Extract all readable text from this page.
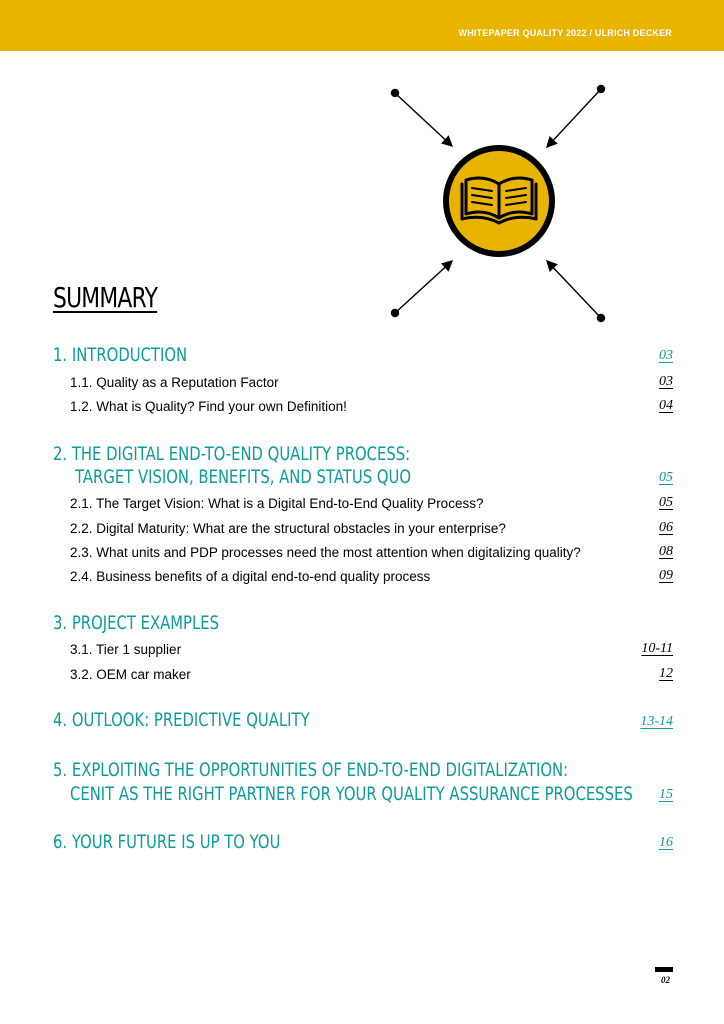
WHITEPAPER QUALITY 2022 / ULRICH DECKER
SUMMARY
1. INTRODUCTION	03
1.1. Quality as a Reputation Factor	03
1.2. What is Quality? Find your own Definition!	04
2. THE DIGITAL END-TO-END QUALITY PROCESS:
TARGET VISION, BENEFITS, AND STATUS QUO	05
2.1. The Target Vision: What is a Digital End-to-End Quality Process?	05
2.2. Digital Maturity: What are the structural obstacles in your enterprise?	06
2.3. What units and PDP processes need the most attention when digitalizing quality?	08
2.4. Business benefits of a digital end-to-end quality process	09
3. PROJECT EXAMPLES
3.1. Tier 1 supplier	10-11
3.2. OEM car maker	12
4. OUTLOOK: PREDICTIVE QUALITY	13-14
5. EXPLOITING THE OPPORTUNITIES OF END-TO-END DIGITALIZATION:
CENIT AS THE RIGHT PARTNER FOR YOUR QUALITY ASSURANCE PROCESSES 15
6. YOUR FUTURE IS UP TO YOU	16
02
